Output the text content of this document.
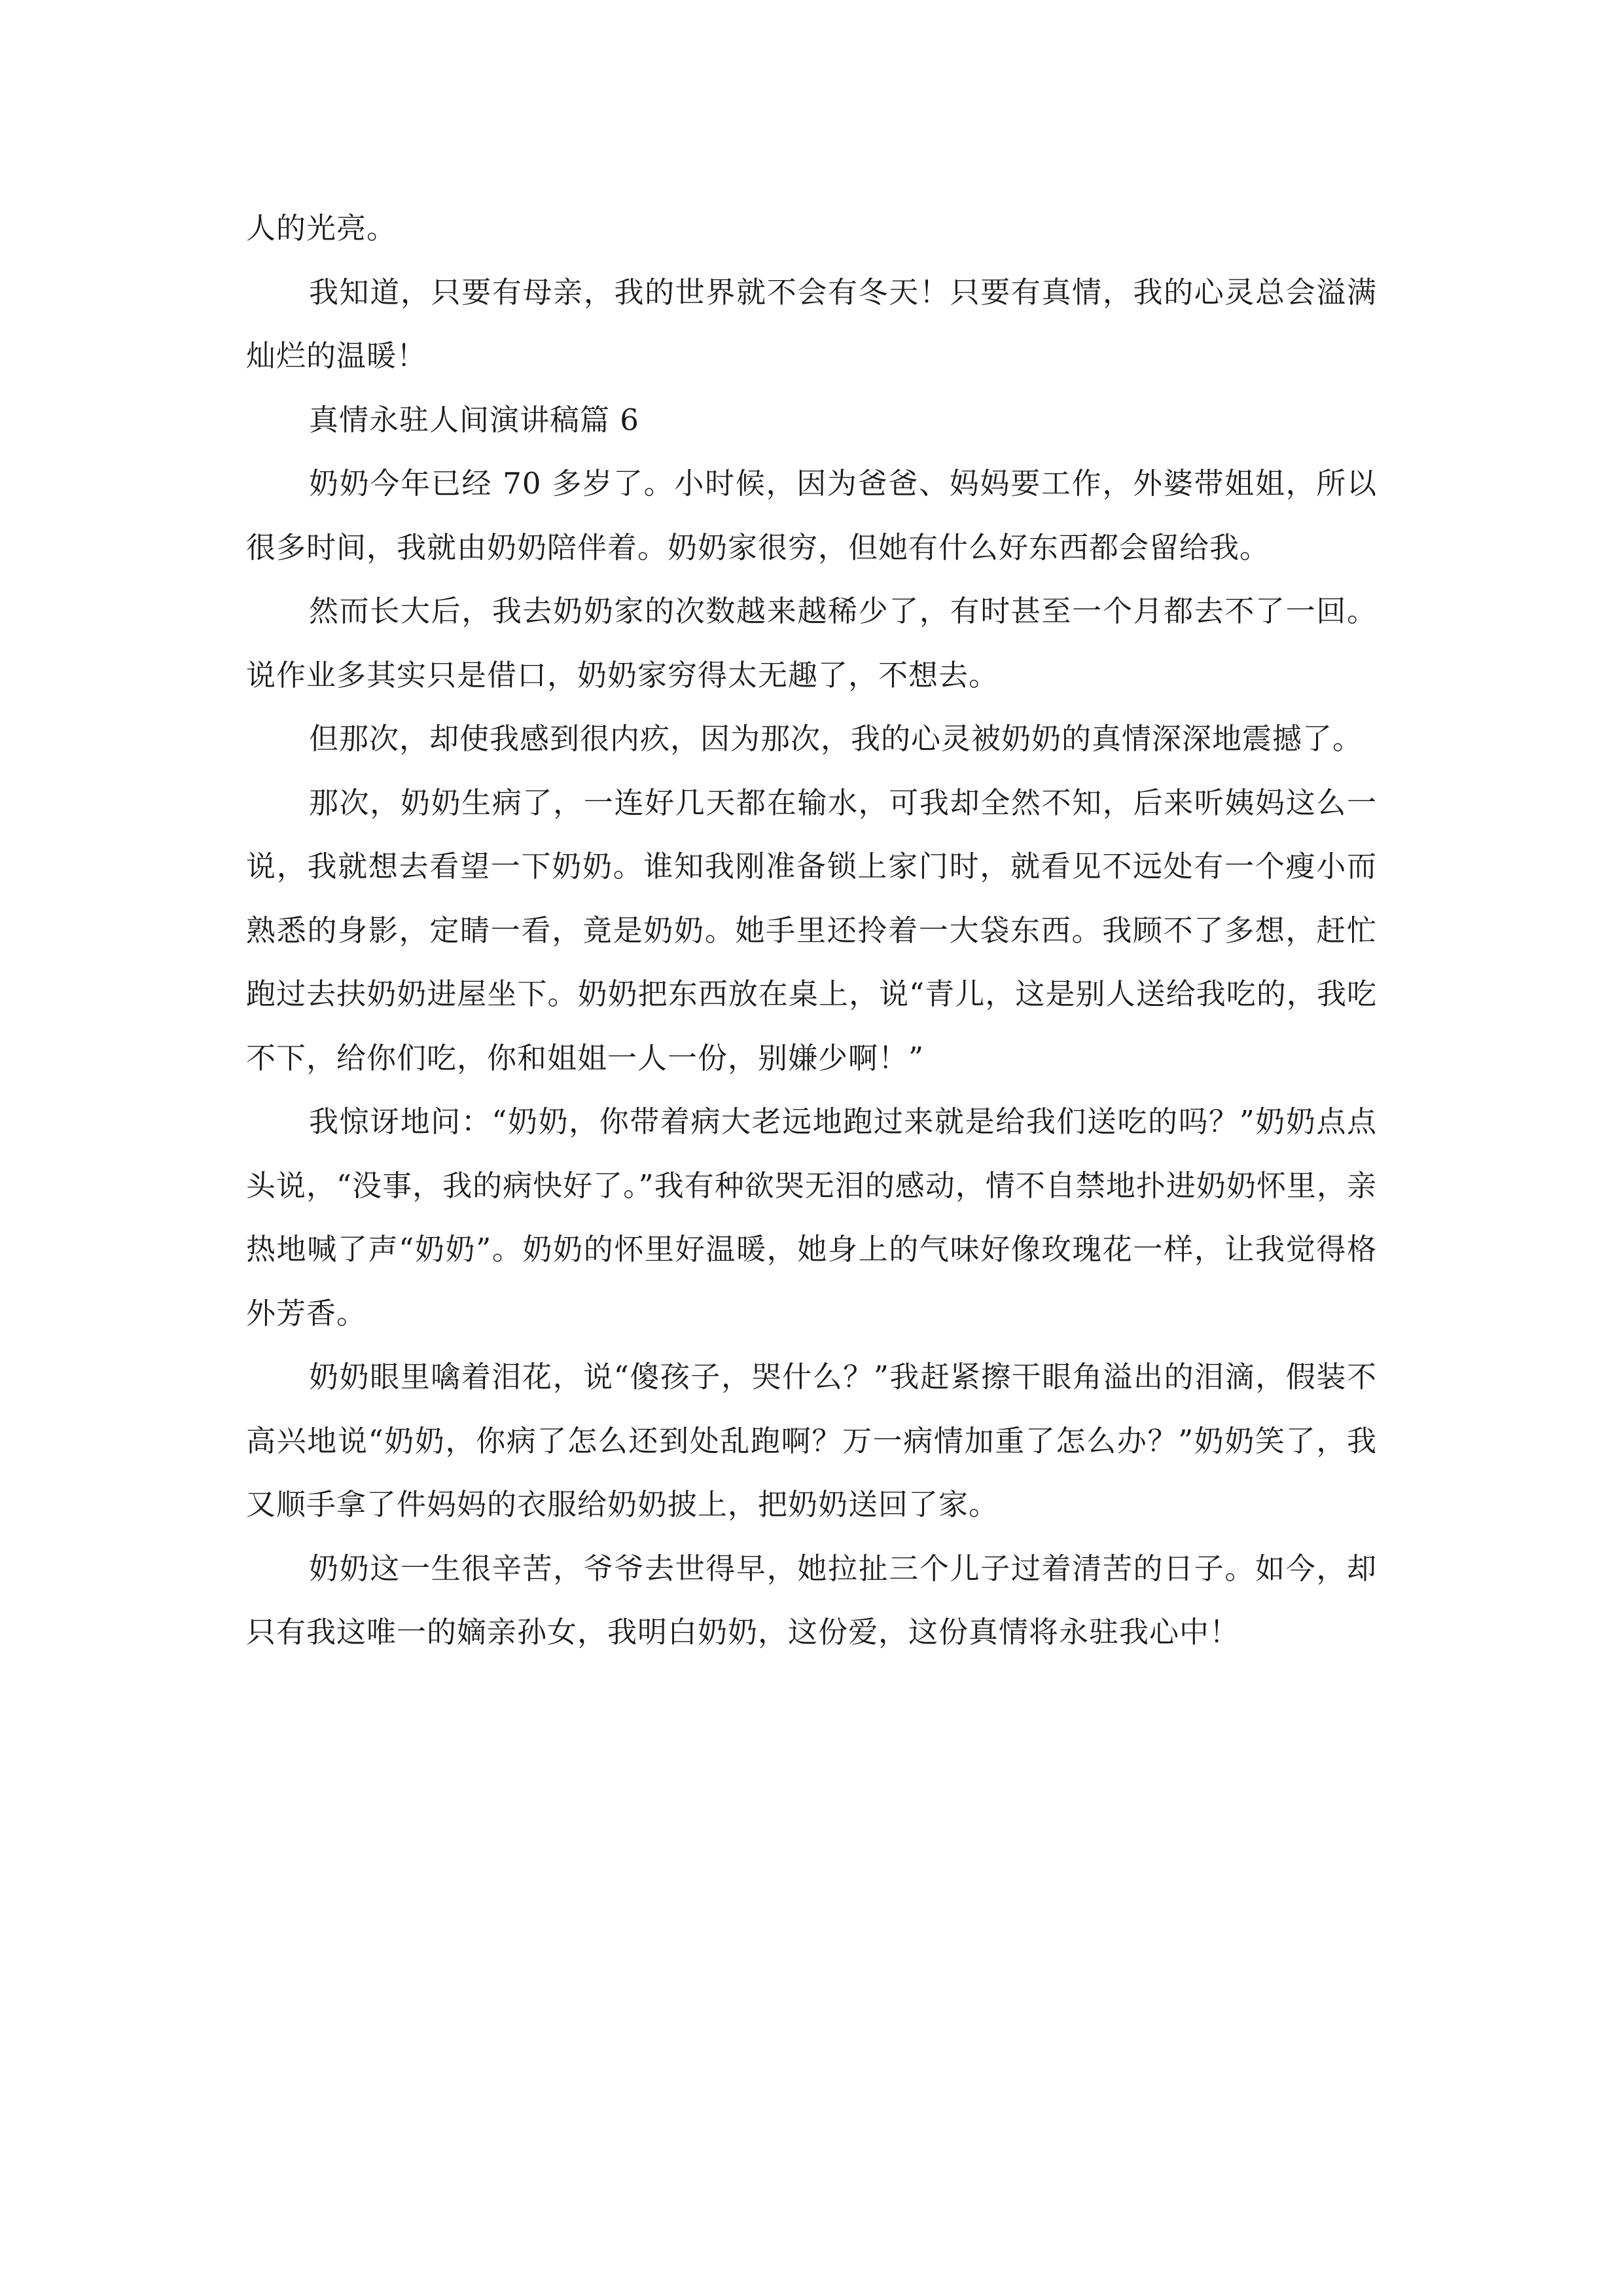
人的光亮。

我知道，只要有母亲，我的世界就不会有冬天！只要有真情，我的心灵总会溢满灿烂的温暖！

真情永驻人间演讲稿篇 6

奶奶今年已经 70 多岁了。小时候，因为爸爸、妈妈要工作，外婆带姐姐，所以很多时间，我就由奶奶陪伴着。奶奶家很穷，但她有什么好东西都会留给我。

然而长大后，我去奶奶家的次数越来越稀少了，有时甚至一个月都去不了一回。说作业多其实只是借口，奶奶家穷得太无趣了，不想去。

但那次，却使我感到很内疚，因为那次，我的心灵被奶奶的真情深深地震撼了。

那次，奶奶生病了，一连好几天都在输水，可我却全然不知，后来听姨妈这么一说，我就想去看望一下奶奶。谁知我刚准备锁上家门时，就看见不远处有一个瘦小而熟悉的身影，定睛一看，竟是奶奶。她手里还拎着一大袋东西。我顾不了多想，赶忙跑过去扶奶奶进屋坐下。奶奶把东西放在桌上，说“青儿，这是别人送给我吃的，我吃不下，给你们吃，你和姐姐一人一份，别嫌少啊！”

我惊讶地问：“奶奶，你带着病大老远地跑过来就是给我们送吃的吗？”奶奶点点头说，“没事，我的病快好了。”我有种欲哭无泪的感动，情不自禁地扑进奶奶怀里，亲热地喊了声“奶奶”。奶奶的怀里好温暖，她身上的气味好像玫瑰花一样，让我觉得格外芳香。

奶奶眼里噙着泪花，说“傻孩子，哭什么？”我赶紧擦干眼角溢出的泪滴，假装不高兴地说“奶奶，你病了怎么还到处乱跑啊？万一病情加重了怎么办？”奶奶笑了，我又顺手拿了件妈妈的衣服给奶奶披上，把奶奶送回了家。

奶奶这一生很辛苦，爷爷去世得早，她拉扯三个儿子过着清苦的日子。如今，却只有我这唯一的嫡亲孙女，我明白奶奶，这份爱，这份真情将永驻我心中！
